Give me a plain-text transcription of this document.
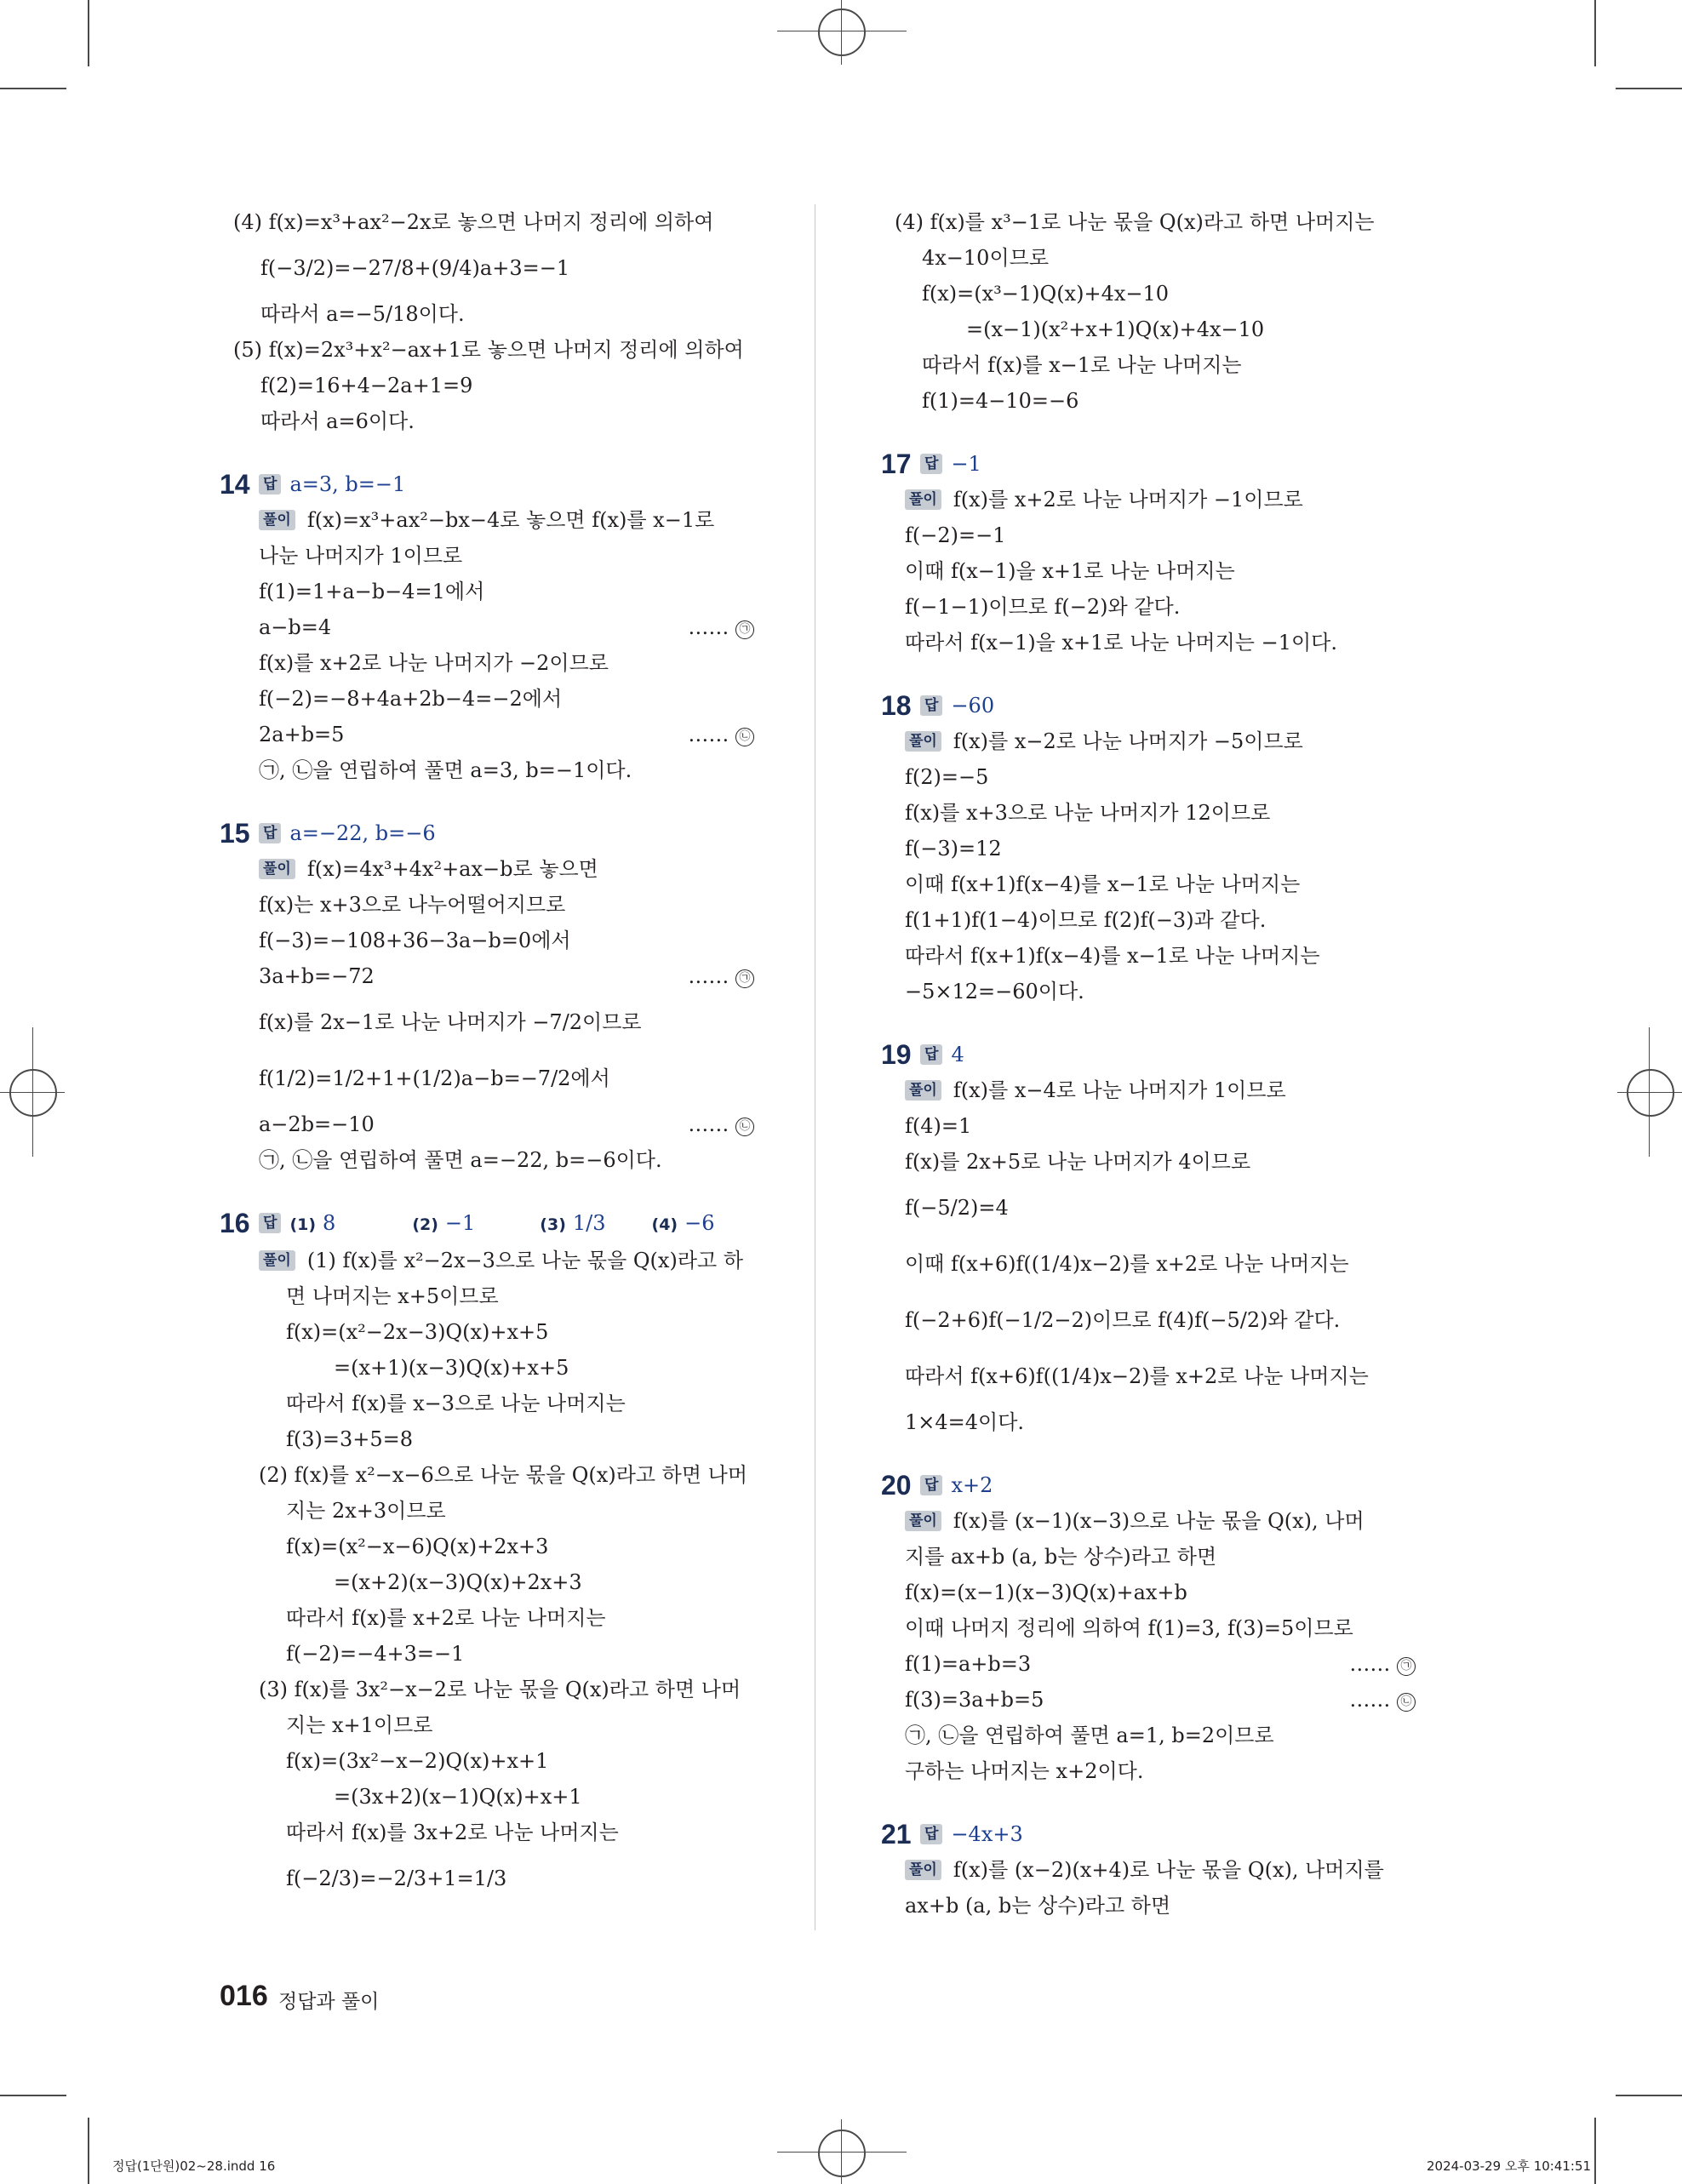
(4) f(x)=x³+ax²−2x로 놓으면 나머지 정리에 의하여
f(−3/2)=−27/8+(9/4)a+3=−1
따라서 a=−5/18이다.
(5) f(x)=2x³+x²−ax+1로 놓으면 나머지 정리에 의하여
f(2)=16+4−2a+1=9
따라서 a=6이다.
14 답 a=3, b=−1
풀이 f(x)=x³+ax²−bx−4로 놓으면 f(x)를 x−1로
나눈 나머지가 1이므로
f(1)=1+a−b−4=1에서
a−b=4	…… ㉠
f(x)를 x+2로 나눈 나머지가 −2이므로
f(−2)=−8+4a+2b−4=−2에서
2a+b=5	…… ㉡
㉠, ㉡을 연립하여 풀면 a=3, b=−1이다.
15 답 a=−22, b=−6
풀이 f(x)=4x³+4x²+ax−b로 놓으면
f(x)는 x+3으로 나누어떨어지므로
f(−3)=−108+36−3a−b=0에서
3a+b=−72	…… ㉠
f(x)를 2x−1로 나눈 나머지가 −7/2이므로
f(1/2)=1/2+1+(1/2)a−b=−7/2에서
a−2b=−10	…… ㉡
㉠, ㉡을 연립하여 풀면 a=−22, b=−6이다.
16 답 (1) 8	(2) −1	(3) 1/3	(4) −6
풀이 (1) f(x)를 x²−2x−3으로 나눈 몫을 Q(x)라고 하
면 나머지는 x+5이므로
f(x)=(x²−2x−3)Q(x)+x+5
=(x+1)(x−3)Q(x)+x+5
따라서 f(x)를 x−3으로 나눈 나머지는
f(3)=3+5=8
(2) f(x)를 x²−x−6으로 나눈 몫을 Q(x)라고 하면 나머
지는 2x+3이므로
f(x)=(x²−x−6)Q(x)+2x+3
=(x+2)(x−3)Q(x)+2x+3
따라서 f(x)를 x+2로 나눈 나머지는
f(−2)=−4+3=−1
(3) f(x)를 3x²−x−2로 나눈 몫을 Q(x)라고 하면 나머
지는 x+1이므로
f(x)=(3x²−x−2)Q(x)+x+1
=(3x+2)(x−1)Q(x)+x+1
따라서 f(x)를 3x+2로 나눈 나머지는
f(−2/3)=−2/3+1=1/3
(4) f(x)를 x³−1로 나눈 몫을 Q(x)라고 하면 나머지는
4x−10이므로
f(x)=(x³−1)Q(x)+4x−10
=(x−1)(x²+x+1)Q(x)+4x−10
따라서 f(x)를 x−1로 나눈 나머지는
f(1)=4−10=−6
17 답 −1
풀이 f(x)를 x+2로 나눈 나머지가 −1이므로
f(−2)=−1
이때 f(x−1)을 x+1로 나눈 나머지는
f(−1−1)이므로 f(−2)와 같다.
따라서 f(x−1)을 x+1로 나눈 나머지는 −1이다.
18 답 −60
풀이 f(x)를 x−2로 나눈 나머지가 −5이므로
f(2)=−5
f(x)를 x+3으로 나눈 나머지가 12이므로
f(−3)=12
이때 f(x+1)f(x−4)를 x−1로 나눈 나머지는
f(1+1)f(1−4)이므로 f(2)f(−3)과 같다.
따라서 f(x+1)f(x−4)를 x−1로 나눈 나머지는
−5×12=−60이다.
19 답 4
풀이 f(x)를 x−4로 나눈 나머지가 1이므로
f(4)=1
f(x)를 2x+5로 나눈 나머지가 4이므로
f(−5/2)=4
이때 f(x+6)f((1/4)x−2)를 x+2로 나눈 나머지는
f(−2+6)f(−1/2−2)이므로 f(4)f(−5/2)와 같다.
따라서 f(x+6)f((1/4)x−2)를 x+2로 나눈 나머지는
1×4=4이다.
20 답 x+2
풀이 f(x)를 (x−1)(x−3)으로 나눈 몫을 Q(x), 나머
지를 ax+b (a, b는 상수)라고 하면
f(x)=(x−1)(x−3)Q(x)+ax+b
이때 나머지 정리에 의하여 f(1)=3, f(3)=5이므로
f(1)=a+b=3	…… ㉠
f(3)=3a+b=5	…… ㉡
㉠, ㉡을 연립하여 풀면 a=1, b=2이므로
구하는 나머지는 x+2이다.
21 답 −4x+3
풀이 f(x)를 (x−2)(x+4)로 나눈 몫을 Q(x), 나머지를
ax+b (a, b는 상수)라고 하면
016 정답과 풀이
정답(1단원)02~28.indd 16	2024-03-29 오후 10:41:51
